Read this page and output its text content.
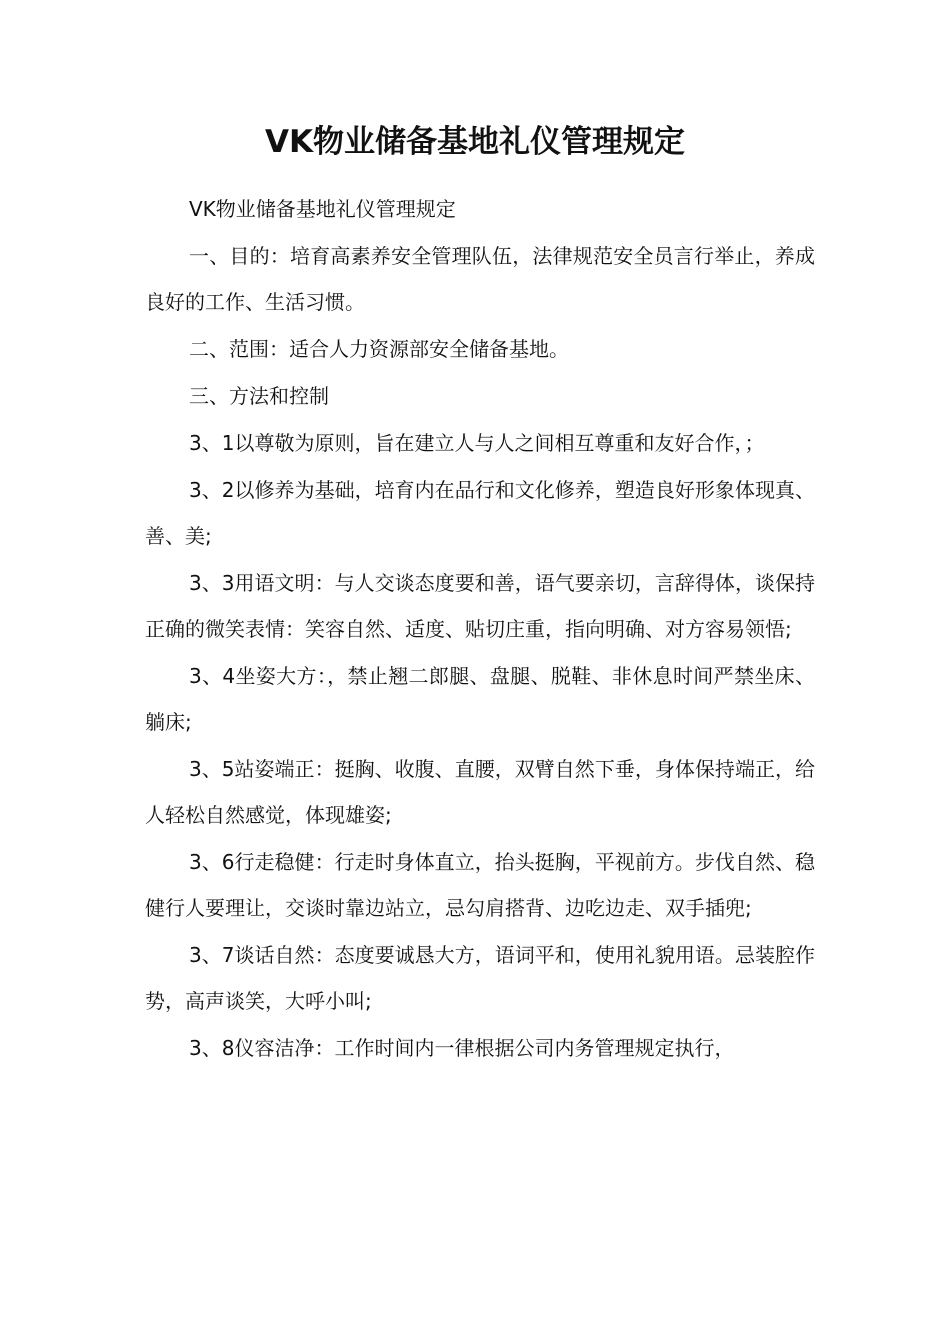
VK物业储备基地礼仪管理规定

VK物业储备基地礼仪管理规定

一、目的：培育高素养安全管理队伍，法律规范安全员言行举止，养成良好的工作、生活习惯。

二、范围：适合人力资源部安全储备基地。

三、方法和控制

3、1以尊敬为原则，旨在建立人与人之间相互尊重和友好合作，；

3、2以修养为基础，培育内在品行和文化修养，塑造良好形象体现真、善、美;

3、3用语文明：与人交谈态度要和善，语气要亲切，言辞得体，谈保持正确的微笑表情：笑容自然、适度、贴切庄重，指向明确、对方容易领悟;

3、4坐姿大方：，禁止翘二郎腿、盘腿、脱鞋、非休息时间严禁坐床、躺床;

3、5站姿端正：挺胸、收腹、直腰，双臂自然下垂，身体保持端正，给人轻松自然感觉，体现雄姿;

3、6行走稳健：行走时身体直立，抬头挺胸，平视前方。步伐自然、稳健行人要理让，交谈时靠边站立，忌勾肩搭背、边吃边走、双手插兜;

3、7谈话自然：态度要诚恳大方，语词平和，使用礼貌用语。忌装腔作势，高声谈笑，大呼小叫;

3、8仪容洁净：工作时间内一律根据公司内务管理规定执行，
